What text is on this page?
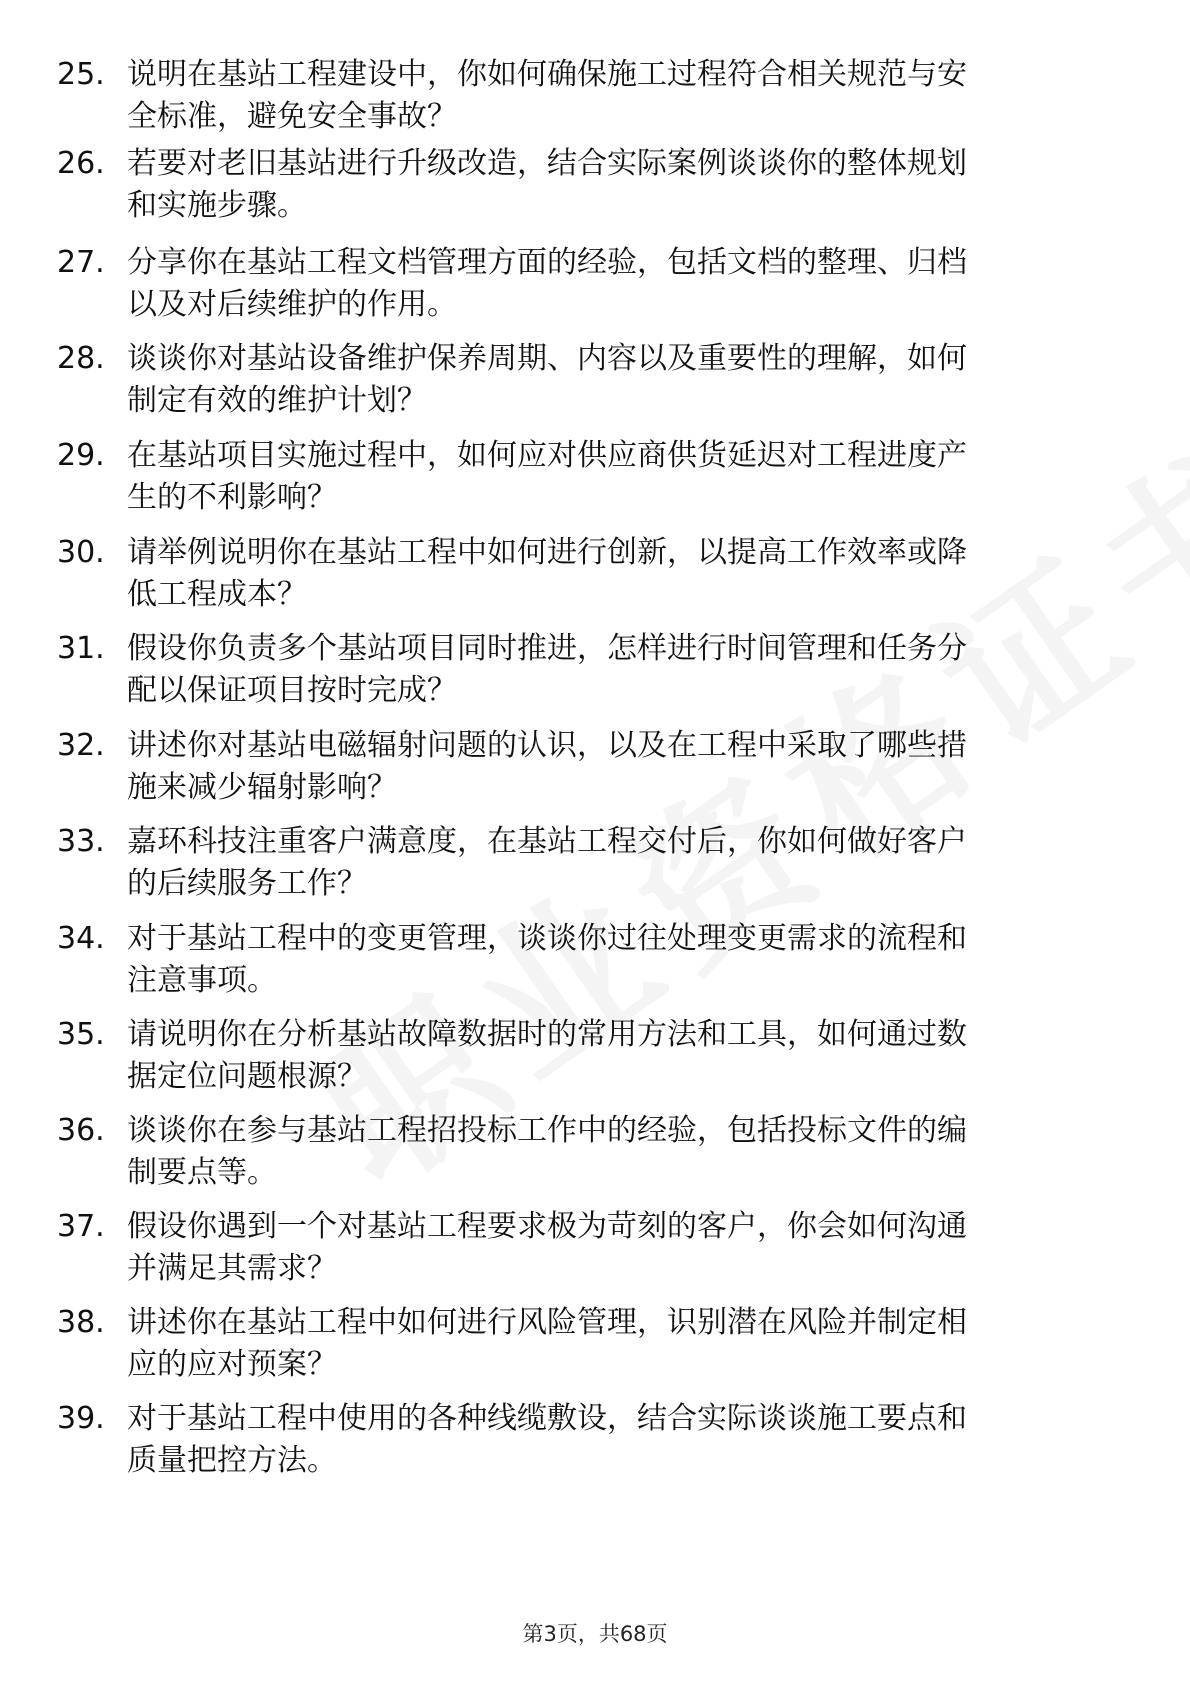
25. 说明在基站工程建设中，你如何确保施工过程符合相关规范与安
全标准，避免安全事故？
26. 若要对老旧基站进行升级改造，结合实际案例谈谈你的整体规划
和实施步骤。
27. 分享你在基站工程文档管理方面的经验，包括文档的整理、归档
以及对后续维护的作用。
28. 谈谈你对基站设备维护保养周期、内容以及重要性的理解，如何
制定有效的维护计划？
29. 在基站项目实施过程中，如何应对供应商供货延迟对工程进度产
生的不利影响？
30. 请举例说明你在基站工程中如何进行创新，以提高工作效率或降
低工程成本？
31. 假设你负责多个基站项目同时推进，怎样进行时间管理和任务分
配以保证项目按时完成？
32. 讲述你对基站电磁辐射问题的认识，以及在工程中采取了哪些措
施来减少辐射影响？
33. 嘉环科技注重客户满意度，在基站工程交付后，你如何做好客户
的后续服务工作？
34. 对于基站工程中的变更管理，谈谈你过往处理变更需求的流程和
注意事项。
35. 请说明你在分析基站故障数据时的常用方法和工具，如何通过数
据定位问题根源？
36. 谈谈你在参与基站工程招投标工作中的经验，包括投标文件的编
制要点等。
37. 假设你遇到一个对基站工程要求极为苛刻的客户，你会如何沟通
并满足其需求？
38. 讲述你在基站工程中如何进行风险管理，识别潜在风险并制定相
应的应对预案？
39. 对于基站工程中使用的各种线缆敷设，结合实际谈谈施工要点和
质量把控方法。
第3页，共68页
